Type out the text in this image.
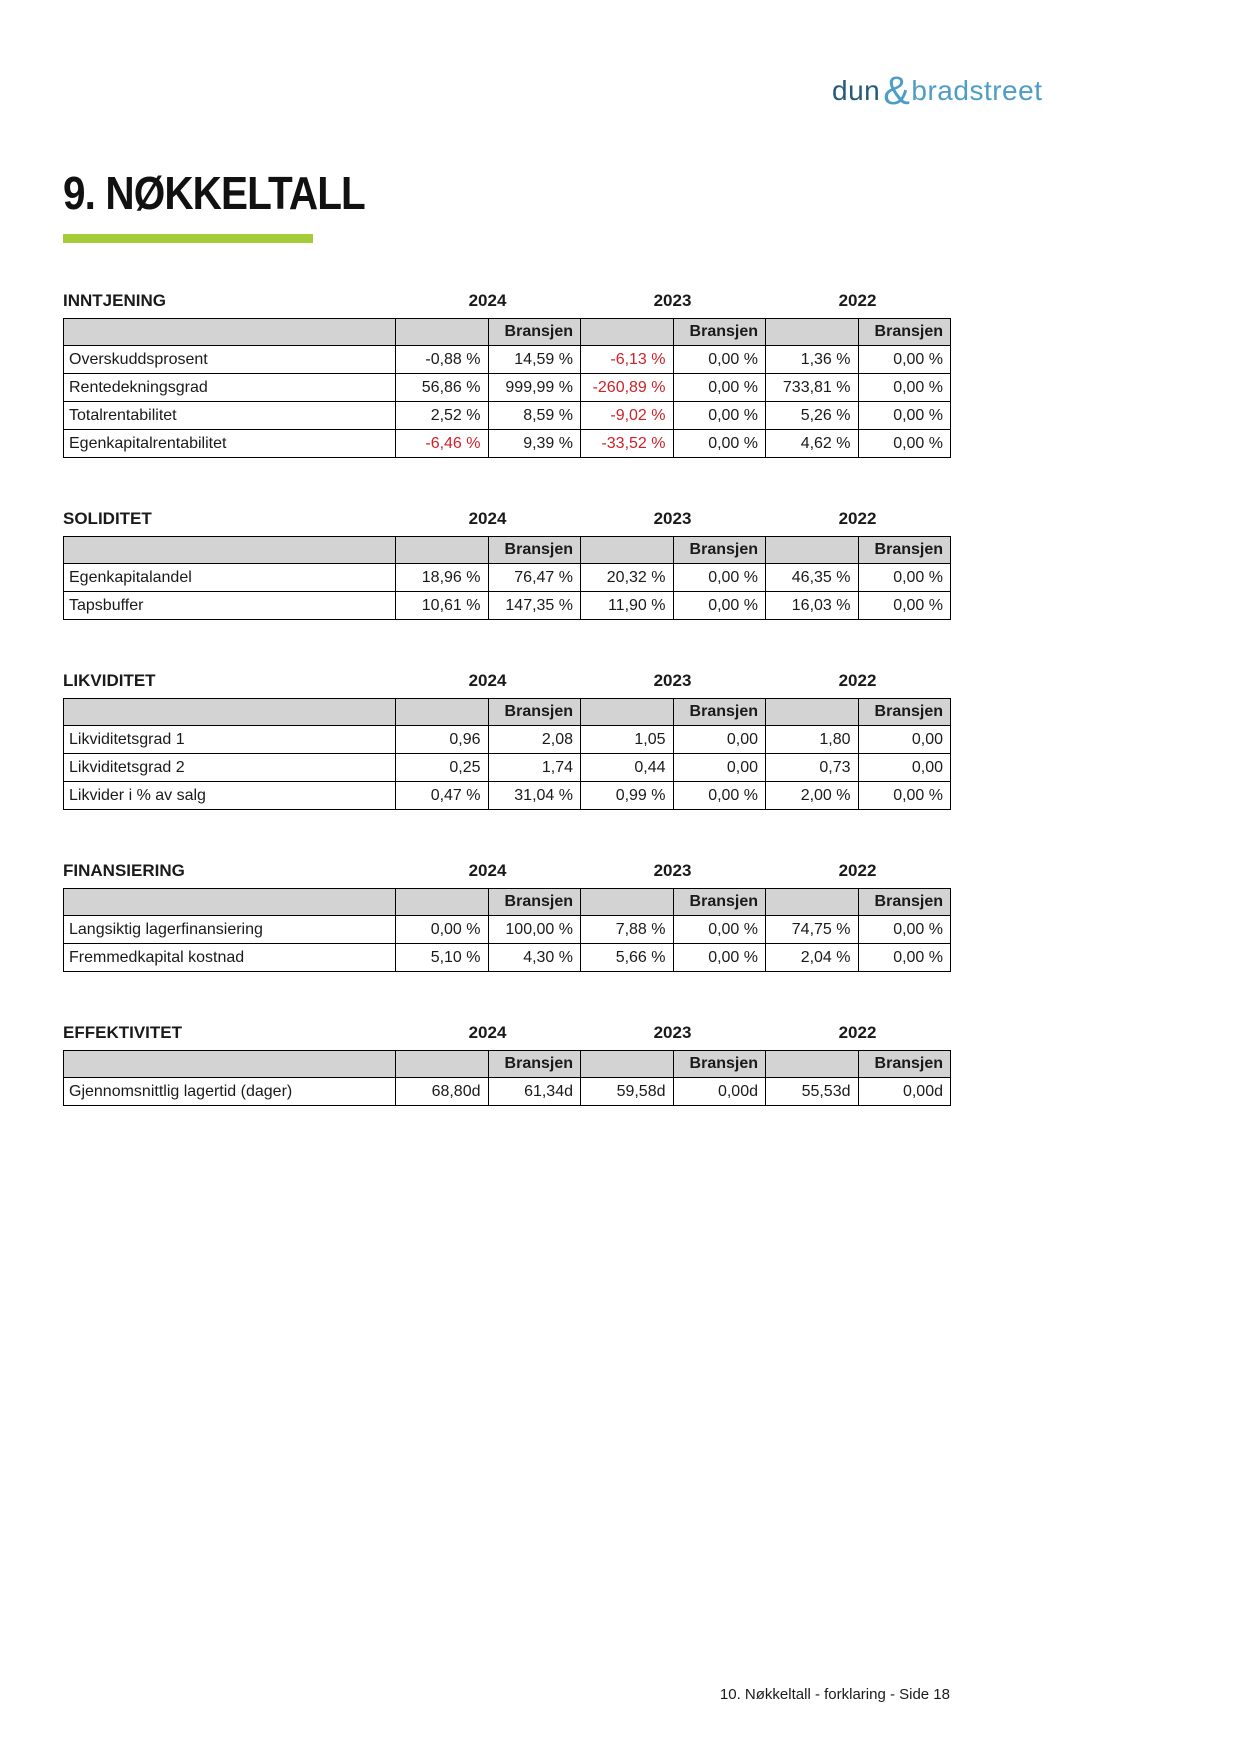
dun&bradstreet
9. NØKKELTALL
INNTJENING	2024	2023	2022
		Bransjen		Bransjen		Bransjen
Overskuddsprosent	-0,88 %	14,59 %	-6,13 %	0,00 %	1,36 %	0,00 %
Rentedekningsgrad	56,86 %	999,99 %	-260,89 %	0,00 %	733,81 %	0,00 %
Totalrentabilitet	2,52 %	8,59 %	-9,02 %	0,00 %	5,26 %	0,00 %
Egenkapitalrentabilitet	-6,46 %	9,39 %	-33,52 %	0,00 %	4,62 %	0,00 %
SOLIDITET	2024	2023	2022
		Bransjen		Bransjen		Bransjen
Egenkapitalandel	18,96 %	76,47 %	20,32 %	0,00 %	46,35 %	0,00 %
Tapsbuffer	10,61 %	147,35 %	11,90 %	0,00 %	16,03 %	0,00 %
LIKVIDITET	2024	2023	2022
		Bransjen		Bransjen		Bransjen
Likviditetsgrad 1	0,96	2,08	1,05	0,00	1,80	0,00
Likviditetsgrad 2	0,25	1,74	0,44	0,00	0,73	0,00
Likvider i % av salg	0,47 %	31,04 %	0,99 %	0,00 %	2,00 %	0,00 %
FINANSIERING	2024	2023	2022
		Bransjen		Bransjen		Bransjen
Langsiktig lagerfinansiering	0,00 %	100,00 %	7,88 %	0,00 %	74,75 %	0,00 %
Fremmedkapital kostnad	5,10 %	4,30 %	5,66 %	0,00 %	2,04 %	0,00 %
EFFEKTIVITET	2024	2023	2022
		Bransjen		Bransjen		Bransjen
Gjennomsnittlig lagertid (dager)	68,80d	61,34d	59,58d	0,00d	55,53d	0,00d
10. Nøkkeltall - forklaring - Side 18
